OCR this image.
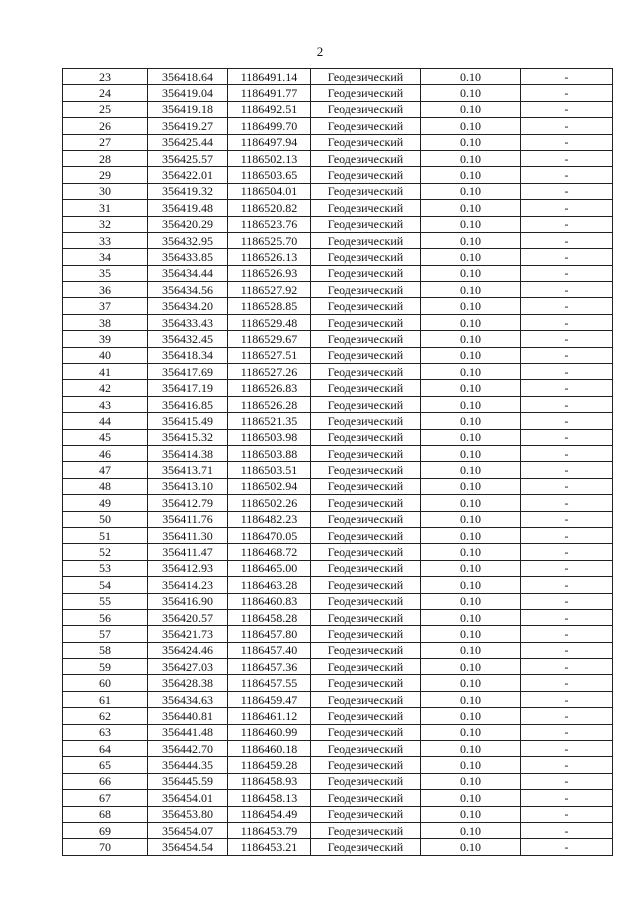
2
23	356418.64	1186491.14	Геодезический	0.10	-
24	356419.04	1186491.77	Геодезический	0.10	-
25	356419.18	1186492.51	Геодезический	0.10	-
26	356419.27	1186499.70	Геодезический	0.10	-
27	356425.44	1186497.94	Геодезический	0.10	-
28	356425.57	1186502.13	Геодезический	0.10	-
29	356422.01	1186503.65	Геодезический	0.10	-
30	356419.32	1186504.01	Геодезический	0.10	-
31	356419.48	1186520.82	Геодезический	0.10	-
32	356420.29	1186523.76	Геодезический	0.10	-
33	356432.95	1186525.70	Геодезический	0.10	-
34	356433.85	1186526.13	Геодезический	0.10	-
35	356434.44	1186526.93	Геодезический	0.10	-
36	356434.56	1186527.92	Геодезический	0.10	-
37	356434.20	1186528.85	Геодезический	0.10	-
38	356433.43	1186529.48	Геодезический	0.10	-
39	356432.45	1186529.67	Геодезический	0.10	-
40	356418.34	1186527.51	Геодезический	0.10	-
41	356417.69	1186527.26	Геодезический	0.10	-
42	356417.19	1186526.83	Геодезический	0.10	-
43	356416.85	1186526.28	Геодезический	0.10	-
44	356415.49	1186521.35	Геодезический	0.10	-
45	356415.32	1186503.98	Геодезический	0.10	-
46	356414.38	1186503.88	Геодезический	0.10	-
47	356413.71	1186503.51	Геодезический	0.10	-
48	356413.10	1186502.94	Геодезический	0.10	-
49	356412.79	1186502.26	Геодезический	0.10	-
50	356411.76	1186482.23	Геодезический	0.10	-
51	356411.30	1186470.05	Геодезический	0.10	-
52	356411.47	1186468.72	Геодезический	0.10	-
53	356412.93	1186465.00	Геодезический	0.10	-
54	356414.23	1186463.28	Геодезический	0.10	-
55	356416.90	1186460.83	Геодезический	0.10	-
56	356420.57	1186458.28	Геодезический	0.10	-
57	356421.73	1186457.80	Геодезический	0.10	-
58	356424.46	1186457.40	Геодезический	0.10	-
59	356427.03	1186457.36	Геодезический	0.10	-
60	356428.38	1186457.55	Геодезический	0.10	-
61	356434.63	1186459.47	Геодезический	0.10	-
62	356440.81	1186461.12	Геодезический	0.10	-
63	356441.48	1186460.99	Геодезический	0.10	-
64	356442.70	1186460.18	Геодезический	0.10	-
65	356444.35	1186459.28	Геодезический	0.10	-
66	356445.59	1186458.93	Геодезический	0.10	-
67	356454.01	1186458.13	Геодезический	0.10	-
68	356453.80	1186454.49	Геодезический	0.10	-
69	356454.07	1186453.79	Геодезический	0.10	-
70	356454.54	1186453.21	Геодезический	0.10	-
